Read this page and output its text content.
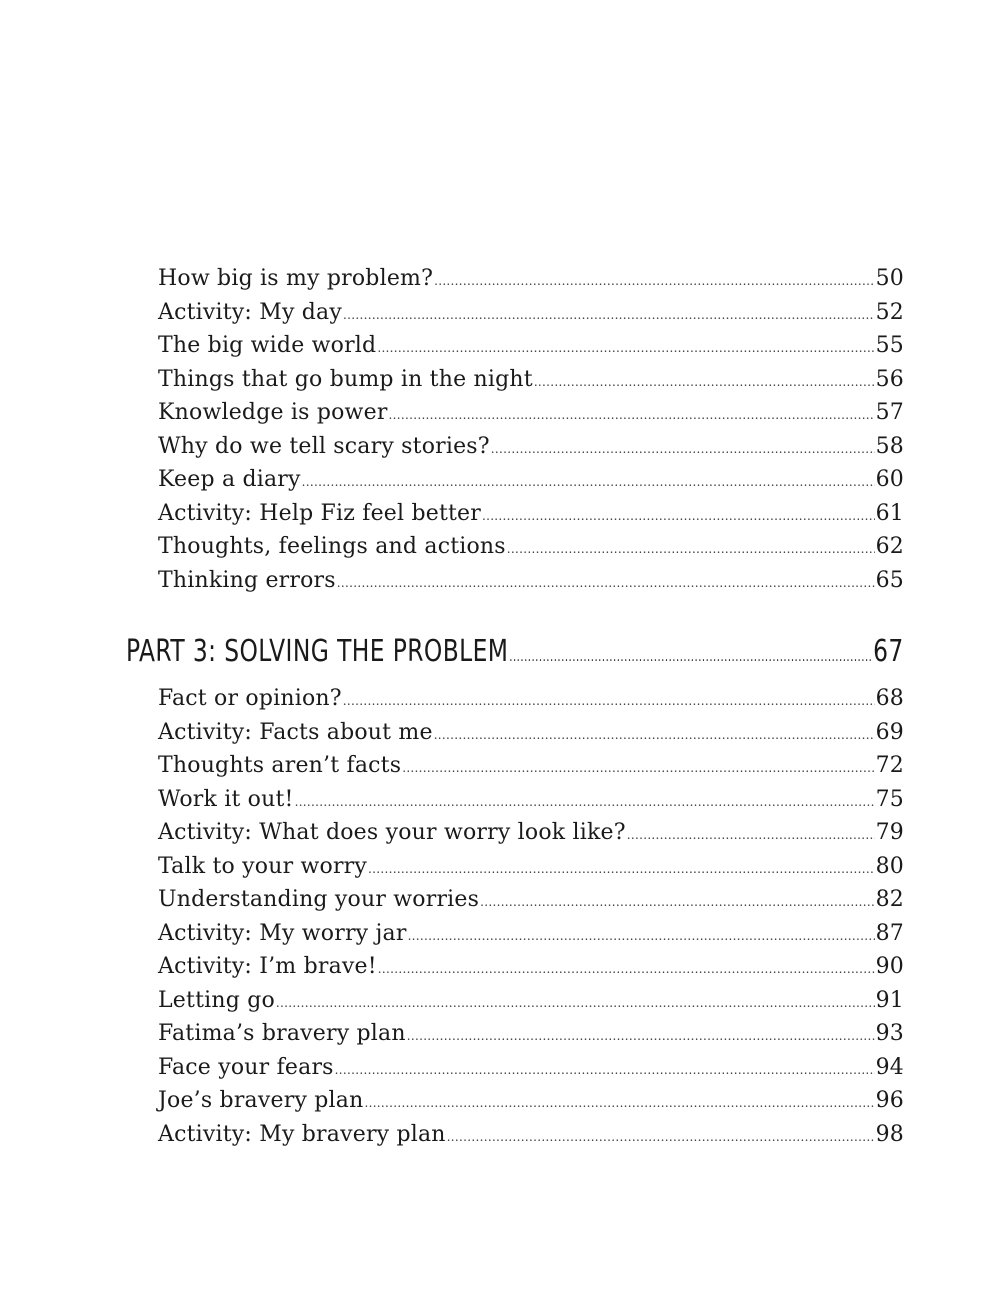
How big is my problem? .....	50
Activity: My day .....	52
The big wide world .....	55
Things that go bump in the night .....	56
Knowledge is power .....	57
Why do we tell scary stories? .....	58
Keep a diary .....	60
Activity: Help Fiz feel better .....	61
Thoughts, feelings and actions .....	62
Thinking errors .....	65
PART 3: SOLVING THE PROBLEM .....	67
Fact or opinion? .....	68
Activity: Facts about me .....	69
Thoughts aren’t facts .....	72
Work it out! .....	75
Activity: What does your worry look like? .....	79
Talk to your worry .....	80
Understanding your worries .....	82
Activity: My worry jar .....	87
Activity: I’m brave! .....	90
Letting go .....	91
Fatima’s bravery plan .....	93
Face your fears .....	94
Joe’s bravery plan .....	96
Activity: My bravery plan .....	98
